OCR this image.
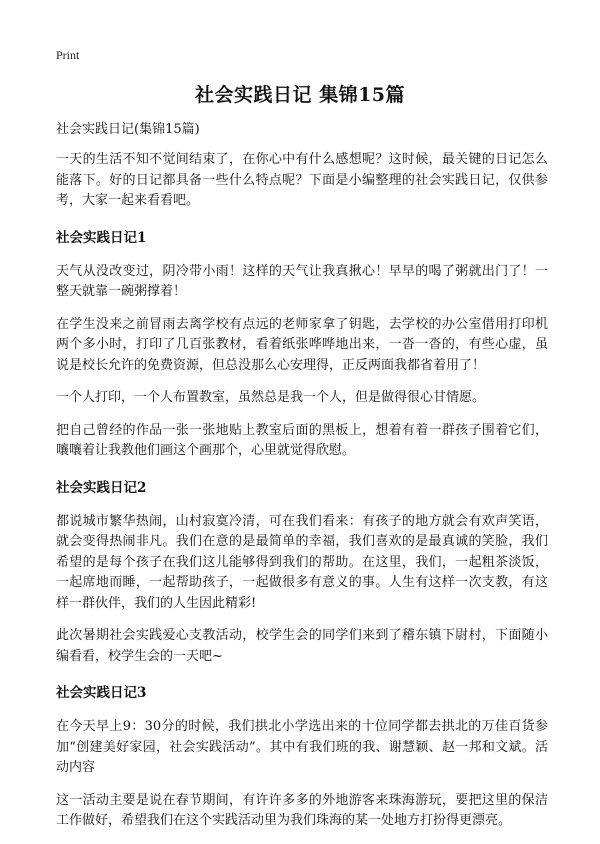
Print
社会实践日记 集锦15篇
社会实践日记(集锦15篇)

一天的生活不知不觉间结束了，在你心中有什么感想呢？这时候，最关键的日记怎么能落下。好的日记都具备一些什么特点呢？下面是小编整理的社会实践日记，仅供参考，大家一起来看看吧。

社会实践日记1

天气从没改变过，阴冷带小雨！这样的天气让我真揪心！早早的喝了粥就出门了！一整天就靠一碗粥撑着！

在学生没来之前冒雨去离学校有点远的老师家拿了钥匙，去学校的办公室借用打印机两个多小时，打印了几百张教材，看着纸张哗哗地出来，一沓一沓的，有些心虚，虽说是校长允许的免费资源，但总没那么心安理得，正反两面我都省着用了！

一个人打印，一个人布置教室，虽然总是我一个人，但是做得很心甘情愿。

把自己曾经的作品一张一张地贴上教室后面的黑板上，想着有着一群孩子围着它们，嚷嚷着让我教他们画这个画那个，心里就觉得欣慰。

社会实践日记2

都说城市繁华热闹，山村寂寞冷清，可在我们看来：有孩子的地方就会有欢声笑语，就会变得热闹非凡。我们在意的是最简单的幸福，我们喜欢的是最真诚的笑脸，我们希望的是每个孩子在我们这儿能够得到我们的帮助。在这里，我们，一起粗茶淡饭，一起席地而睡，一起帮助孩子，一起做很多有意义的事。人生有这样一次支教，有这样一群伙伴，我们的人生因此精彩!

此次暑期社会实践爱心支教活动，校学生会的同学们来到了稽东镇下尉村，下面随小编看看，校学生会的一天吧~

社会实践日记3

在今天早上9：30分的时候，我们拱北小学选出来的十位同学都去拱北的万佳百货参加“创建美好家园，社会实践活动”。其中有我们班的我、谢慧颖、赵一邦和文斌。活动内容

这一活动主要是说在春节期间，有许许多多的外地游客来珠海游玩，要把这里的保洁工作做好，希望我们在这个实践活动里为我们珠海的某一处地方打扮得更漂亮。
